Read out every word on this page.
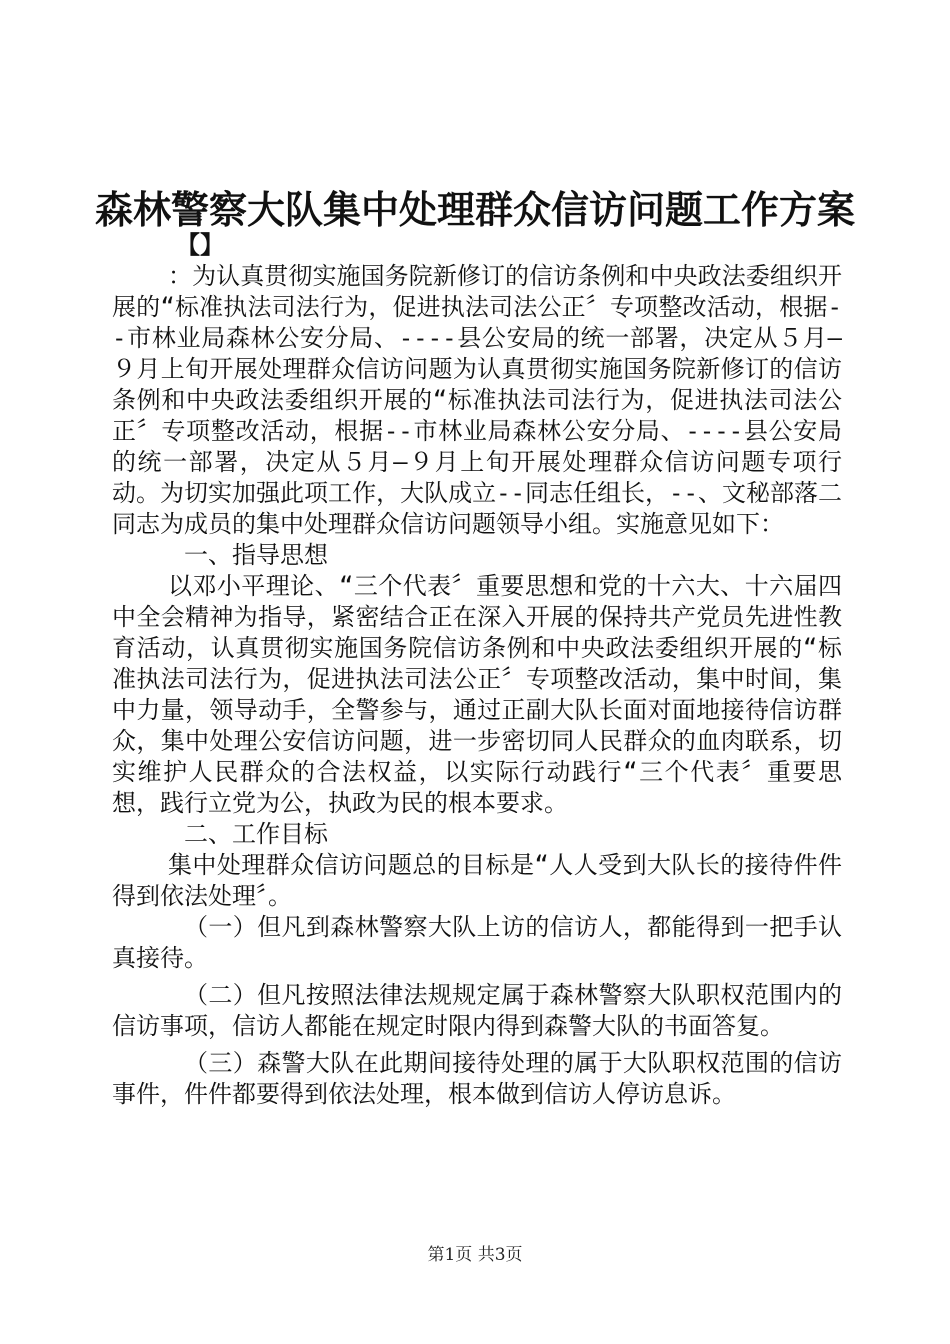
森林警察大队集中处理群众信访问题工作方案
【】

：为认真贯彻实施国务院新修订的信访条例和中央政法委组织开展的“标准执法司法行为，促进执法司法公正〞专项整改活动，根据--市林业局森林公安分局、----县公安局的统一部署，决定从５月—９月上旬开展处理群众信访问题为认真贯彻实施国务院新修订的信访条例和中央政法委组织开展的“标准执法司法行为，促进执法司法公正〞专项整改活动，根据--市林业局森林公安分局、----县公安局的统一部署，决定从５月—９月上旬开展处理群众信访问题专项行动。为切实加强此项工作，大队成立--同志任组长，--、文秘部落二同志为成员的集中处理群众信访问题领导小组。实施意见如下：

一、指导思想

以邓小平理论、“三个代表〞重要思想和党的十六大、十六届四中全会精神为指导，紧密结合正在深入开展的保持共产党员先进性教育活动，认真贯彻实施国务院信访条例和中央政法委组织开展的“标准执法司法行为，促进执法司法公正〞专项整改活动，集中时间，集中力量，领导动手，全警参与，通过正副大队长面对面地接待信访群众，集中处理公安信访问题，进一步密切同人民群众的血肉联系，切实维护人民群众的合法权益，以实际行动践行“三个代表〞重要思想，践行立党为公，执政为民的根本要求。

二、工作目标

集中处理群众信访问题总的目标是“人人受到大队长的接待件件得到依法处理〞。

（一）但凡到森林警察大队上访的信访人，都能得到一把手认真接待。

（二）但凡按照法律法规规定属于森林警察大队职权范围内的信访事项，信访人都能在规定时限内得到森警大队的书面答复。

（三）森警大队在此期间接待处理的属于大队职权范围的信访事件，件件都要得到依法处理，根本做到信访人停访息诉。

第1页 共3页
